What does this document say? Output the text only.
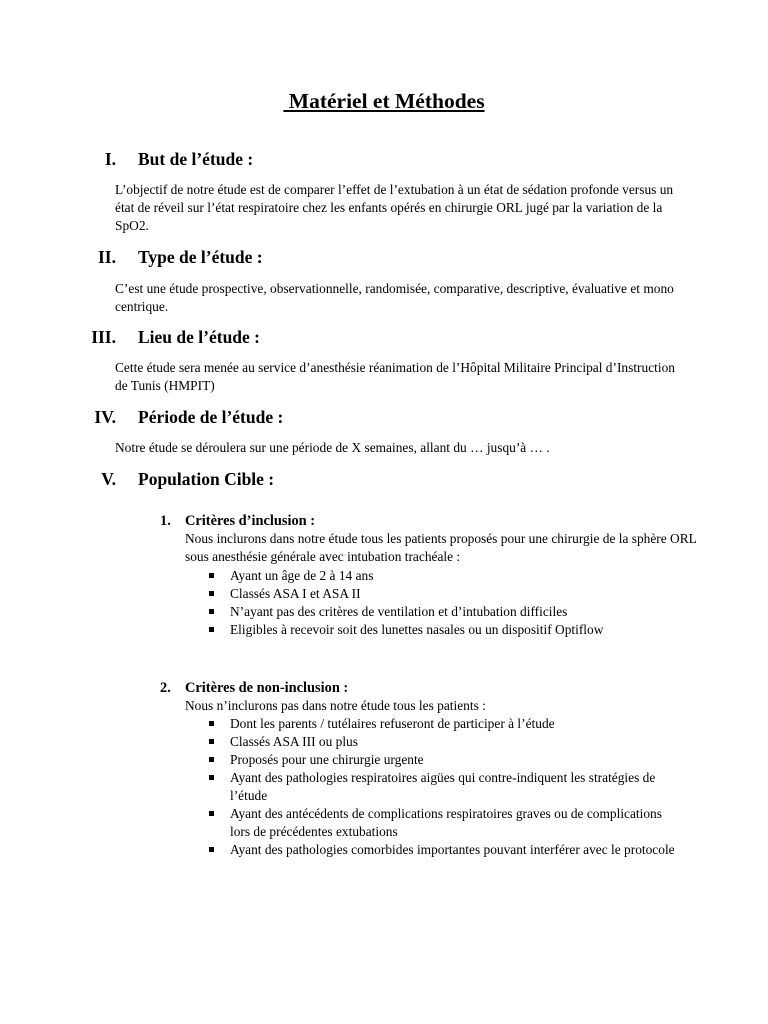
Matériel et Méthodes
I. But de l’étude :
L’objectif de notre étude est de comparer l’effet de l’extubation à un état de sédation profonde versus un état de réveil sur l’état respiratoire chez les enfants opérés en chirurgie ORL jugé par la variation de la SpO2.
II. Type de l’étude :
C’est une étude prospective, observationnelle, randomisée, comparative, descriptive, évaluative et mono centrique.
III. Lieu de l’étude :
Cette étude sera menée au service d’anesthésie réanimation de l’Hôpital Militaire Principal d’Instruction de Tunis (HMPIT)
IV. Période de l’étude :
Notre étude se déroulera sur une période de X semaines, allant du … jusqu’à … .
V. Population Cible :
1. Critères d’inclusion :
Nous inclurons dans notre étude tous les patients proposés pour une chirurgie de la sphère ORL sous anesthésie générale avec intubation trachéale :
Ayant un âge de 2 à 14 ans
Classés ASA I et ASA II
N’ayant pas des critères de ventilation et d’intubation difficiles
Eligibles à recevoir soit des lunettes nasales ou un dispositif Optiflow
2. Critères de non-inclusion :
Nous n’inclurons pas dans notre étude tous les patients :
Dont les parents / tutélaires refuseront de participer à l’étude
Classés ASA III ou plus
Proposés pour une chirurgie urgente
Ayant des pathologies respiratoires aigües qui contre-indiquent les stratégies de l’étude
Ayant des antécédents de complications respiratoires graves ou de complications lors de précédentes extubations
Ayant des pathologies comorbides importantes pouvant interférer avec le protocole
